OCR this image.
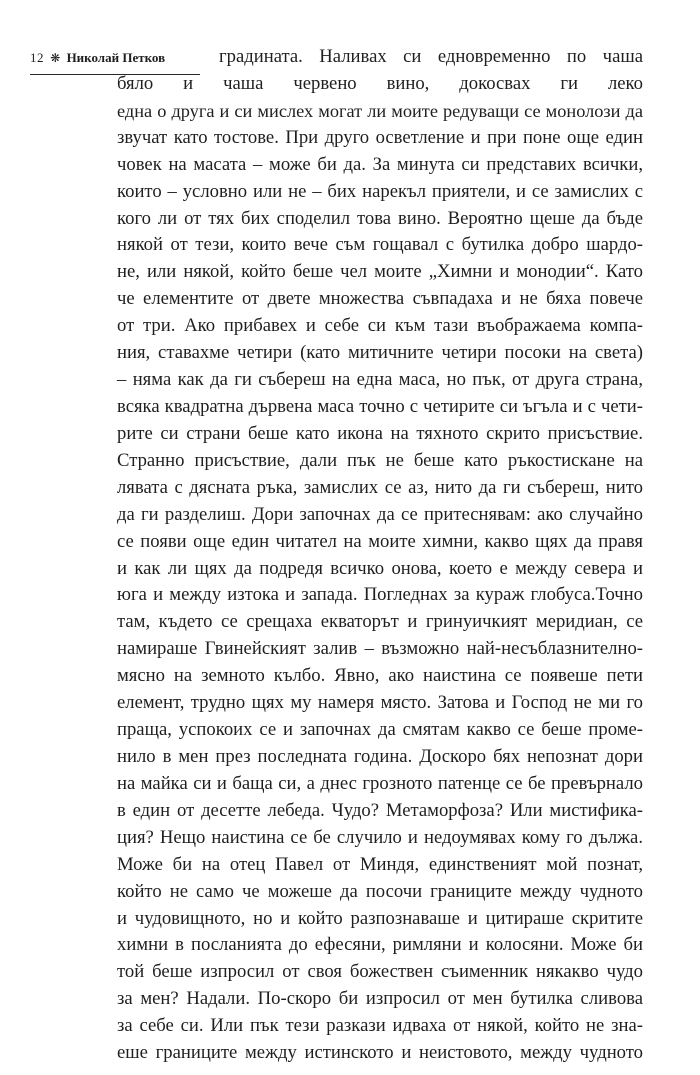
12 ❋ Николай Петков	градината. Наливах си едновременно по чаша
бяло и чаша червено вино, докосвах ги леко
една о друга и си мислех могат ли моите редуващи се монолози да
звучат като тостове. При друго осветление и при поне още един
човек на масата – може би да. За минута си представих всички,
които – условно или не – бих нарекъл приятели, и се замислих с
кого ли от тях бих споделил това вино. Вероятно щеше да бъде
някой от тези, които вече съм гощавал с бутилка добро шардо-
не, или някой, който беше чел моите „Химни и монодии“. Като
че елементите от двете множества съвпадаха и не бяха повече
от три. Ако прибавех и себе си към тази въображаема компа-
ния, ставахме четири (като митичните четири посоки на света)
– няма как да ги събереш на една маса, но пък, от друга страна,
всяка квадратна дървена маса точно с четирите си ъгъла и с чети-
рите си страни беше като икона на тяхното скрито присъствие.
Странно присъствие, дали пък не беше като ръкостискане на
лявата с дясната ръка, замислих се аз, нито да ги събереш, нито
да ги разделиш. Дори започнах да се притеснявам: ако случайно
се появи още един читател на моите химни, какво щях да правя
и как ли щях да подредя всичко онова, което е между севера и
юга и между изтока и запада. Погледнах за кураж глобуса.Точно
там, където се срещаха екваторът и гринуичкият меридиан, се
намираше Гвинейският залив – възможно най-несъблазнително-
мясно на земното кълбо. Явно, ако наистина се появеше пети
елемент, трудно щях му намеря място. Затова и Господ не ми го
праща, успокоих се и започнах да смятам какво се беше проме-
нило в мен през последната година. Доскоро бях непознат дори
на майка си и баща си, а днес грозното патенце се бе превърнало
в един от десетте лебеда. Чудо? Метаморфоза? Или мистифика-
ция? Нещо наистина се бе случило и недоумявах кому го дължа.
Може би на отец Павел от Миндя, единственият мой познат,
който не само че можеше да посочи границите между чудното
и чудовищното, но и който разпознаваше и цитираше скритите
химни в посланията до ефесяни, римляни и колосяни. Може би
той беше изпросил от своя божествен съименник някакво чудо
за мен? Надали. По-скоро би изпросил от мен бутилка сливова
за себе си. Или пък тези разкази идваха от някой, който не зна-
еше границите между истинското и неистовото, между чудното
